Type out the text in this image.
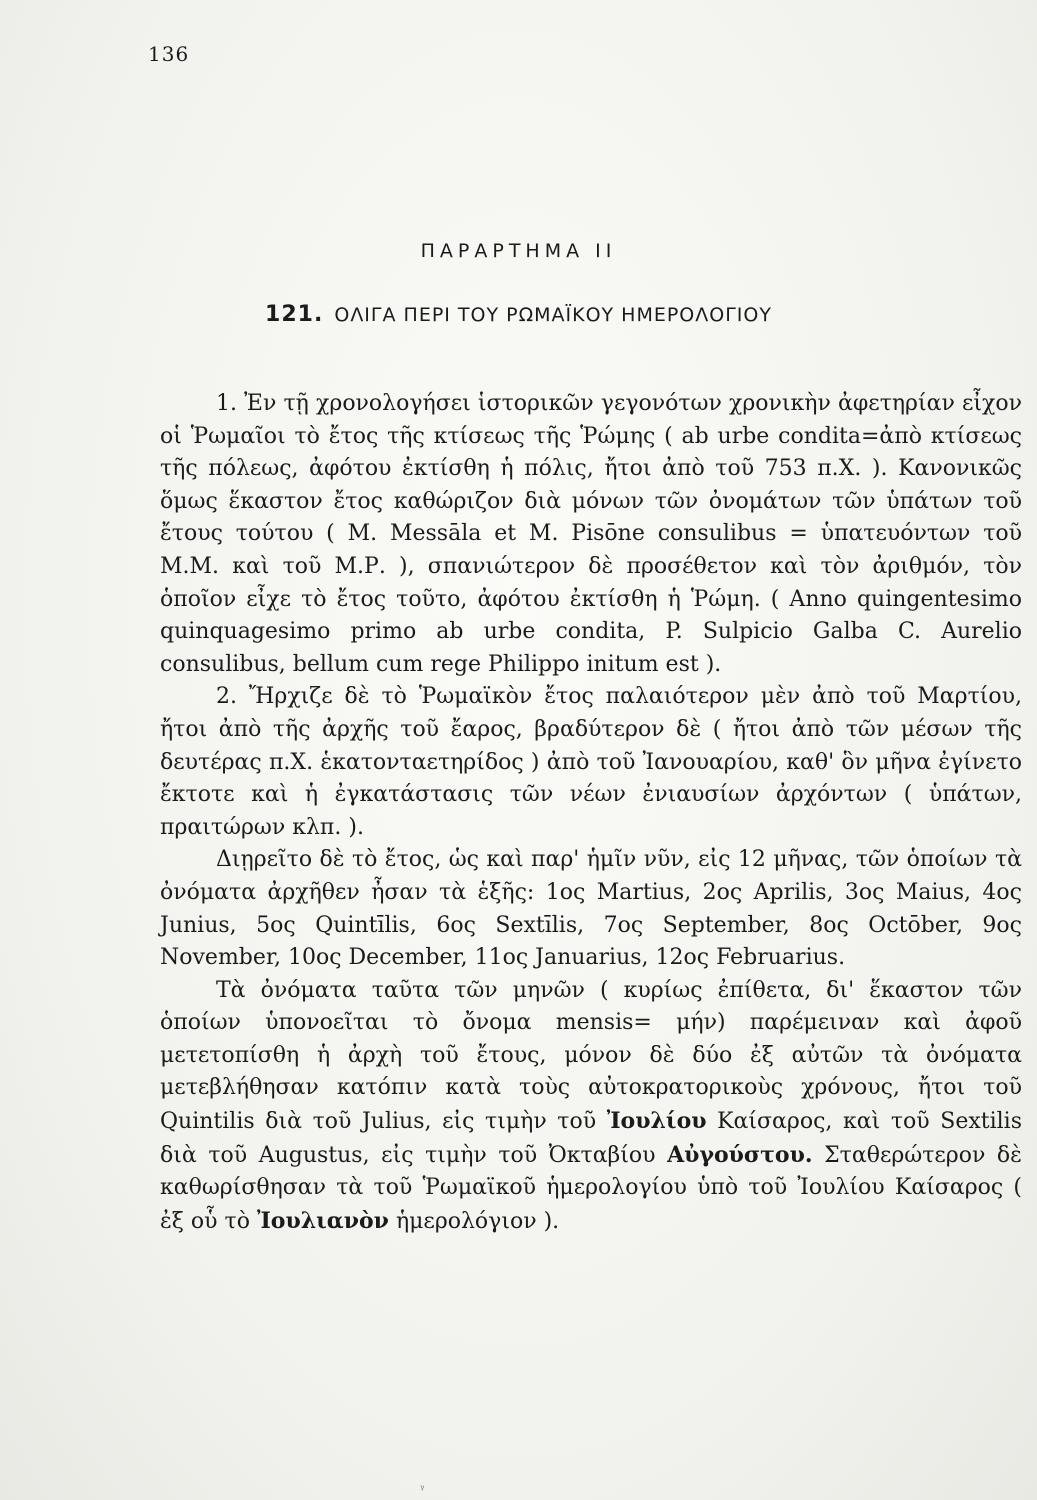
136
ΠΑΡΑΡΤΗΜΑ ΙΙ
121. ΟΛΙΓΑ ΠΕΡΙ ΤΟΥ ΡΩΜΑΪΚΟΥ ΗΜΕΡΟΛΟΓΙΟΥ

1. Ἐν τῇ χρονολογήσει ἱστορικῶν γεγονότων χρονικὴν ἀφετηρίαν εἶχον οἱ Ῥωμαῖοι τὸ ἔτος τῆς κτίσεως τῆς Ῥώμης ( ab urbe condita=ἀπὸ κτίσεως τῆς πόλεως, ἀφότου ἐκτίσθη ἡ πόλις, ἤτοι ἀπὸ τοῦ 753 π.Χ. ). Κανονικῶς ὅμως ἕκαστον ἔτος καθώριζον διὰ μόνων τῶν ὀνομάτων τῶν ὑπάτων τοῦ ἔτους τούτου ( M. Messāla et M. Pisōne consulibus = ὑπατευόντων τοῦ Μ.Μ. καὶ τοῦ Μ.Ρ. ), σπανιώτερον δὲ προσέθετον καὶ τὸν ἀριθμόν, τὸν ὁποῖον εἶχε τὸ ἔτος τοῦτο, ἀφότου ἐκτίσθη ἡ Ῥώμη. ( Anno quingentesimo quinquagesimo primo ab urbe condita, P. Sulpicio Galba C. Aurelio consulibus, bellum cum rege Philippo initum est ).

2. Ἤρχιζε δὲ τὸ Ῥωμαϊκὸν ἔτος παλαιότερον μὲν ἀπὸ τοῦ Μαρτίου, ἤτοι ἀπὸ τῆς ἀρχῆς τοῦ ἔαρος, βραδύτερον δὲ ( ἤτοι ἀπὸ τῶν μέσων τῆς δευτέρας π.Χ. ἑκατονταετηρίδος ) ἀπὸ τοῦ Ἰανουαρίου, καθ' ὃν μῆνα ἐγίνετο ἔκτοτε καὶ ἡ ἐγκατάστασις τῶν νέων ἐνιαυσίων ἀρχόντων ( ὑπάτων, πραιτώρων κλπ. ).

Διῃρεῖτο δὲ τὸ ἔτος, ὡς καὶ παρ' ἡμῖν νῦν, εἰς 12 μῆνας, τῶν ὁποίων τὰ ὀνόματα ἀρχῆθεν ἦσαν τὰ ἑξῆς: 1ος Martius, 2ος Aprilis, 3ος Maius, 4ος Junius, 5ος Quintīlis, 6ος Sextīlis, 7ος September, 8ος Octōber, 9ος November, 10ος December, 11ος Januarius, 12ος Februarius.

Τὰ ὀνόματα ταῦτα τῶν μηνῶν ( κυρίως ἐπίθετα, δι' ἕκαστον τῶν ὁποίων ὑπονοεῖται τὸ ὄνομα mensis= μήν) παρέμειναν καὶ ἀφοῦ μετετοπίσθη ἡ ἀρχὴ τοῦ ἔτους, μόνον δὲ δύο ἐξ αὐτῶν τὰ ὀνόματα μετεβλήθησαν κατόπιν κατὰ τοὺς αὐτοκρατορικοὺς χρόνους, ἤτοι τοῦ Quintilis διὰ τοῦ Julius, εἰς τιμὴν τοῦ Ἰουλίου Καίσαρος, καὶ τοῦ Sextilis διὰ τοῦ Augustus, εἰς τιμὴν τοῦ Ὀκταβίου Αὐγούστου. Σταθερώτερον δὲ καθωρίσθησαν τὰ τοῦ Ῥωμαϊκοῦ ἡμερολογίου ὑπὸ τοῦ Ἰουλίου Καίσαρος ( ἐξ οὗ τὸ Ἰουλιανὸν ἡμερολόγιον ).

ᵧ
